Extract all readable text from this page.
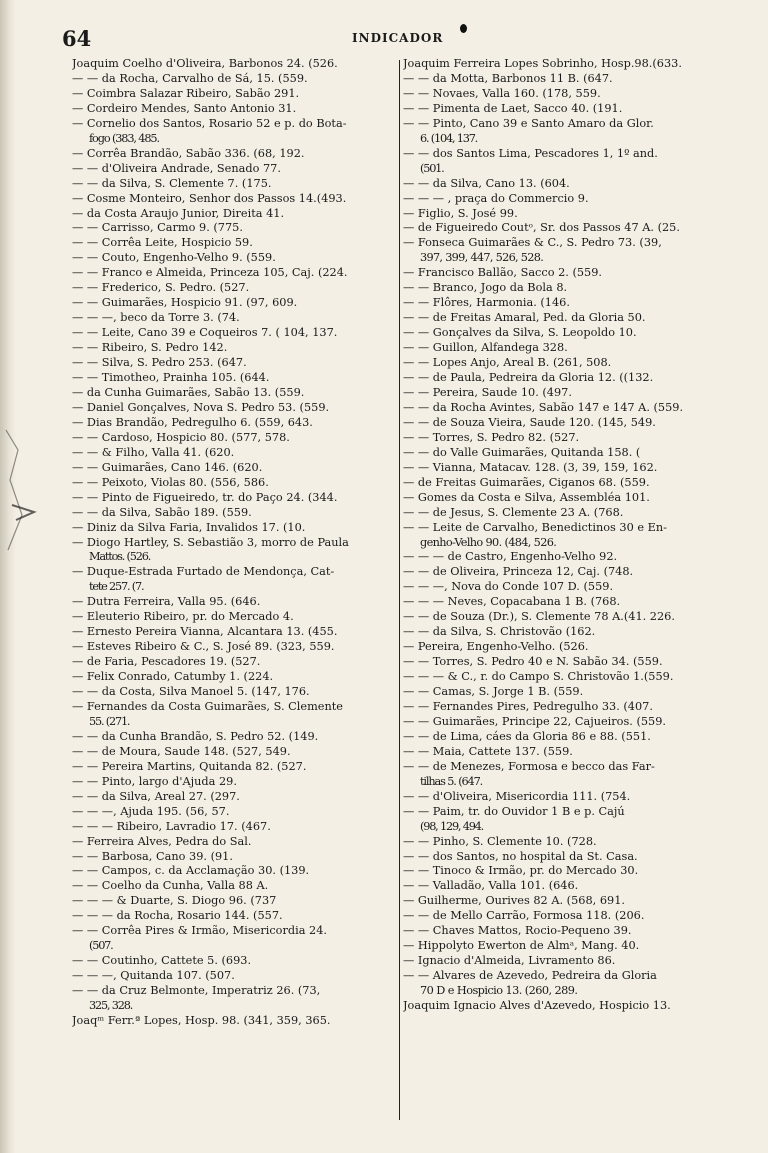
64	INDICADOR
Joaquim Coelho d'Oliveira, Barbonos 24. (526.
— — da Rocha, Carvalho de Sá, 15. (559.
— Coimbra Salazar Ribeiro, Sabão 291.
— Cordeiro Mendes, Santo Antonio 31.
— Cornelio dos Santos, Rosario 52 e p. do Bota-
fogo (383, 485.
— Corrêa Brandão, Sabão 336. (68, 192.
— — d'Oliveira Andrade, Senado 77.
— — da Silva, S. Clemente 7. (175.
— Cosme Monteiro, Senhor dos Passos 14.(493.
— da Costa Araujo Junior, Direita 41.
— — Carrisso, Carmo 9. (775.
— — Corrêa Leite, Hospicio 59.
— — Couto, Engenho-Velho 9. (559.
— — Franco e Almeida, Princeza 105, Caj. (224.
— — Frederico, S. Pedro. (527.
— — Guimarães, Hospicio 91. (97, 609.
— — —, beco da Torre 3. (74.
— — Leite, Cano 39 e Coqueiros 7. ( 104, 137.
— — Ribeiro, S. Pedro 142.
— — Silva, S. Pedro 253. (647.
— — Timotheo, Prainha 105. (644.
— da Cunha Guimarães, Sabão 13. (559.
— Daniel Gonçalves, Nova S. Pedro 53. (559.
— Dias Brandão, Pedregulho 6. (559, 643.
— — Cardoso, Hospicio 80. (577, 578.
— — & Filho, Valla 41. (620.
— — Guimarães, Cano 146. (620.
— — Peixoto, Violas 80. (556, 586.
— — Pinto de Figueiredo, tr. do Paço 24. (344.
— — da Silva, Sabão 189. (559.
— Diniz da Silva Faria, Invalidos 17. (10.
— Diogo Hartley, S. Sebastião 3, morro de Paula
Mattos. (526.
— Duque-Estrada Furtado de Mendonça, Cat-
tete 257. (7.
— Dutra Ferreira, Valla 95. (646.
— Eleuterio Ribeiro, pr. do Mercado 4.
— Ernesto Pereira Vianna, Alcantara 13. (455.
— Esteves Ribeiro & C., S. José 89. (323, 559.
— de Faria, Pescadores 19. (527.
— Felix Conrado, Catumby 1. (224.
— — da Costa, Silva Manoel 5. (147, 176.
— Fernandes da Costa Guimarães, S. Clemente
55. (271.
— — da Cunha Brandão, S. Pedro 52. (149.
— — de Moura, Saude 148. (527, 549.
— — Pereira Martins, Quitanda 82. (527.
— — Pinto, largo d'Ajuda 29.
— — da Silva, Areal 27. (297.
— — —, Ajuda 195. (56, 57.
— — — Ribeiro, Lavradio 17. (467.
— Ferreira Alves, Pedra do Sal.
— — Barbosa, Cano 39. (91.
— — Campos, c. da Acclamação 30. (139.
— — Coelho da Cunha, Valla 88 A.
— — — & Duarte, S. Diogo 96. (737
— — — da Rocha, Rosario 144. (557.
— — Corrêa Pires & Irmão, Misericordia 24.
(507.
— — Coutinho, Cattete 5. (693.
— — —, Quitanda 107. (507.
— — da Cruz Belmonte, Imperatriz 26. (73,
325, 328.
Joaqᵐ Ferr.ª Lopes, Hosp. 98. (341, 359, 365.
Joaquim Ferreira Lopes Sobrinho, Hosp.98.(633.
— — da Motta, Barbonos 11 B. (647.
— — Novaes, Valla 160. (178, 559.
— — Pimenta de Laet, Sacco 40. (191.
— — Pinto, Cano 39 e Santo Amaro da Glor.
6. (104, 137.
— — dos Santos Lima, Pescadores 1, 1º and.
(501.
— — da Silva, Cano 13. (604.
— — — , praça do Commercio 9.
— Figlio, S. José 99.
— de Figueiredo Coutᵒ, Sr. dos Passos 47 A. (25.
— Fonseca Guimarães & C., S. Pedro 73. (39,
397, 399, 447, 526, 528.
— Francisco Ballão, Sacco 2. (559.
— — Branco, Jogo da Bola 8.
— — Flôres, Harmonia. (146.
— — de Freitas Amaral, Ped. da Gloria 50.
— — Gonçalves da Silva, S. Leopoldo 10.
— — Guillon, Alfandega 328.
— — Lopes Anjo, Areal B. (261, 508.
— — de Paula, Pedreira da Gloria 12. ((132.
— — Pereira, Saude 10. (497.
— — da Rocha Avintes, Sabão 147 e 147 A. (559.
— — de Souza Vieira, Saude 120. (145, 549.
— — Torres, S. Pedro 82. (527.
— — do Valle Guimarães, Quitanda 158. (
— — Vianna, Matacav. 128. (3, 39, 159, 162.
— de Freitas Guimarães, Ciganos 68. (559.
— Gomes da Costa e Silva, Assembléa 101.
— — de Jesus, S. Clemente 23 A. (768.
— — Leite de Carvalho, Benedictinos 30 e En-
genho-Velho 90. (484, 526.
— — — de Castro, Engenho-Velho 92.
— — de Oliveira, Princeza 12, Caj. (748.
— — —, Nova do Conde 107 D. (559.
— — — Neves, Copacabana 1 B. (768.
— — de Souza (Dr.), S. Clemente 78 A.(41. 226.
— — da Silva, S. Christovão (162.
— Pereira, Engenho-Velho. (526.
— — Torres, S. Pedro 40 e N. Sabão 34. (559.
— — — & C., r. do Campo S. Christovão 1.(559.
— — Camas, S. Jorge 1 B. (559.
— — Fernandes Pires, Pedregulho 33. (407.
— — Guimarães, Principe 22, Cajueiros. (559.
— — de Lima, cáes da Gloria 86 e 88. (551.
— — Maia, Cattete 137. (559.
— — de Menezes, Formosa e becco das Far-
tilhas 5. (647.
— — d'Oliveira, Misericordia 111. (754.
— — Paim, tr. do Ouvidor 1 B e p. Cajú
(98, 129, 494.
— — Pinho, S. Clemente 10. (728.
— — dos Santos, no hospital da St. Casa.
— — Tinoco & Irmão, pr. do Mercado 30.
— — Valladão, Valla 101. (646.
— Guilherme, Ourives 82 A. (568, 691.
— — de Mello Carrão, Formosa 118. (206.
— — Chaves Mattos, Rocio-Pequeno 39.
— Hippolyto Ewerton de Almᵃ, Mang. 40.
— Ignacio d'Almeida, Livramento 86.
— — Alvares de Azevedo, Pedreira da Gloria
70 D e Hospicio 13. (260, 289.
Joaquim Ignacio Alves d'Azevedo, Hospicio 13.
